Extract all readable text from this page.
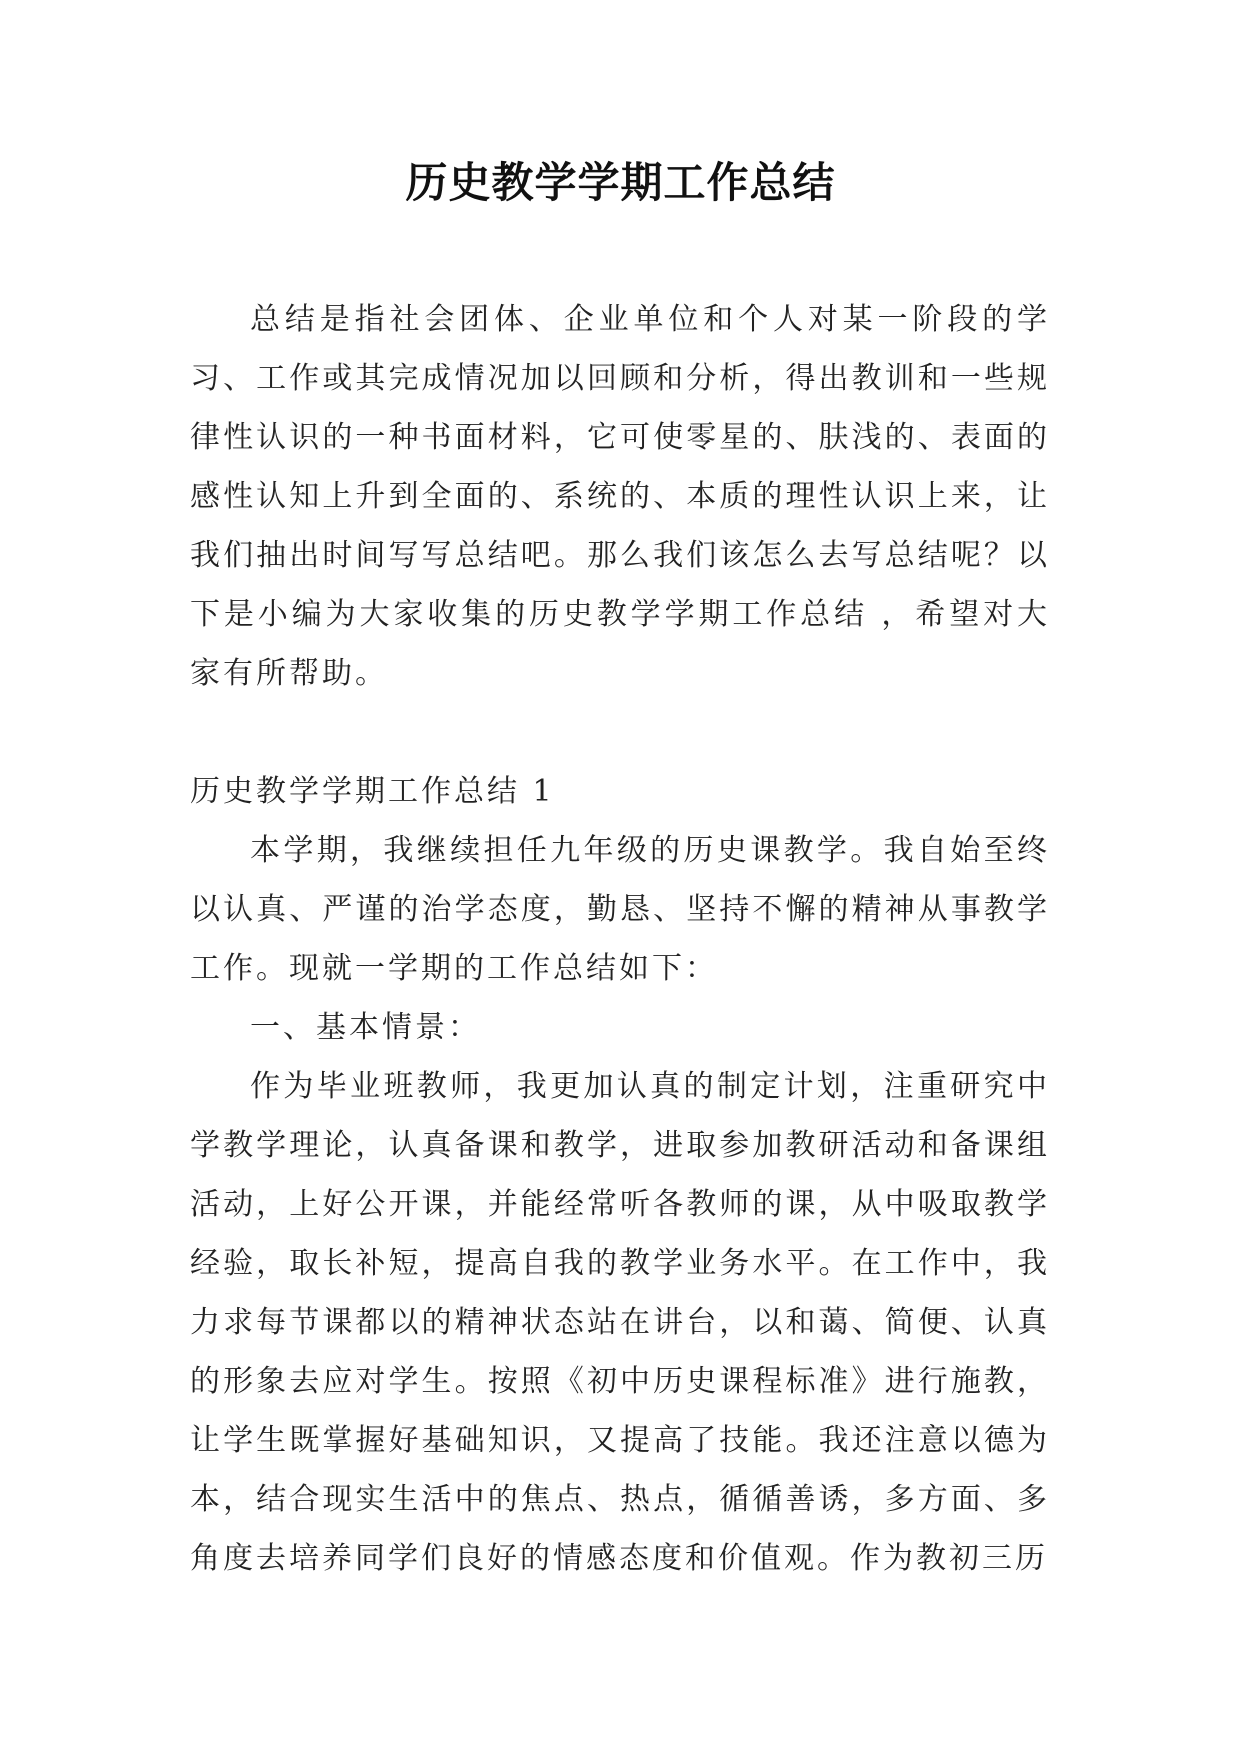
历史教学学期工作总结

总结是指社会团体、企业单位和个人对某一阶段的学习、工作或其完成情况加以回顾和分析，得出教训和一些规律性认识的一种书面材料，它可使零星的、肤浅的、表面的感性认知上升到全面的、系统的、本质的理性认识上来，让我们抽出时间写写总结吧。那么我们该怎么去写总结呢？以下是小编为大家收集的历史教学学期工作总结 ，希望对大家有所帮助。

历史教学学期工作总结 1

本学期，我继续担任九年级的历史课教学。我自始至终以认真、严谨的治学态度，勤恳、坚持不懈的精神从事教学工作。现就一学期的工作总结如下：

一、基本情景：

作为毕业班教师，我更加认真的制定计划，注重研究中学教学理论，认真备课和教学，进取参加教研活动和备课组活动，上好公开课，并能经常听各教师的课，从中吸取教学经验，取长补短，提高自我的教学业务水平。在工作中，我力求每节课都以的精神状态站在讲台，以和蔼、简便、认真的形象去应对学生。按照《初中历史课程标准》进行施教，让学生既掌握好基础知识，又提高了技能。我还注意以德为本，结合现实生活中的焦点、热点，循循善诱，多方面、多角度去培养同学们良好的情感态度和价值观。作为教初三历
